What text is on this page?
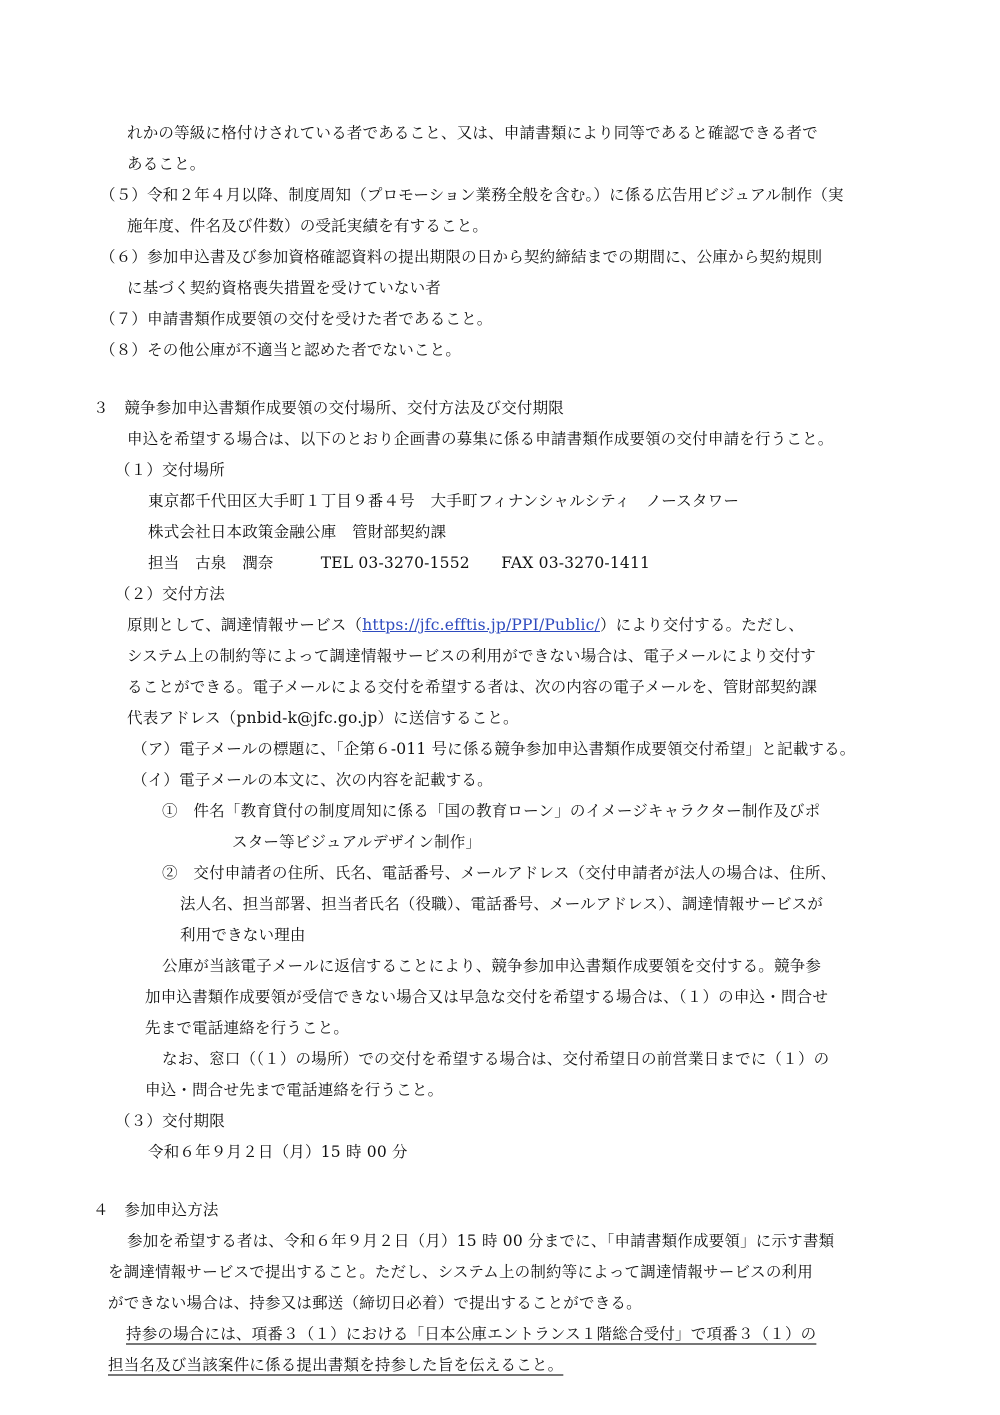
れかの等級に格付けされている者であること、又は、申請書類により同等であると確認できる者で
あること。
（５）令和２年４月以降、制度周知（プロモーション業務全般を含む。）に係る広告用ビジュアル制作（実
施年度、件名及び件数）の受託実績を有すること。
（６）参加申込書及び参加資格確認資料の提出期限の日から契約締結までの期間に、公庫から契約規則
に基づく契約資格喪失措置を受けていない者
（７）申請書類作成要領の交付を受けた者であること。
（８）その他公庫が不適当と認めた者でないこと。
３　競争参加申込書類作成要領の交付場所、交付方法及び交付期限
申込を希望する場合は、以下のとおり企画書の募集に係る申請書類作成要領の交付申請を行うこと。
（１）交付場所
東京都千代田区大手町１丁目９番４号　大手町フィナンシャルシティ　ノースタワー
株式会社日本政策金融公庫　管財部契約課
担当　古泉　潤奈　　　TEL 03-3270-1552　　FAX 03-3270-1411
（２）交付方法
原則として、調達情報サービス（https://jfc.efftis.jp/PPI/Public/）により交付する。ただし、
システム上の制約等によって調達情報サービスの利用ができない場合は、電子メールにより交付す
ることができる。電子メールによる交付を希望する者は、次の内容の電子メールを、管財部契約課
代表アドレス（pnbid-k@jfc.go.jp）に送信すること。
（ア）電子メールの標題に、「企第６-011 号に係る競争参加申込書類作成要領交付希望」と記載する。
（イ）電子メールの本文に、次の内容を記載する。
①　件名「教育貸付の制度周知に係る「国の教育ローン」のイメージキャラクター制作及びポ
スター等ビジュアルデザイン制作」
②　交付申請者の住所、氏名、電話番号、メールアドレス（交付申請者が法人の場合は、住所、
法人名、担当部署、担当者氏名（役職）、電話番号、メールアドレス）、調達情報サービスが
利用できない理由
公庫が当該電子メールに返信することにより、競争参加申込書類作成要領を交付する。競争参
加申込書類作成要領が受信できない場合又は早急な交付を希望する場合は、（１）の申込・問合せ
先まで電話連絡を行うこと。
なお、窓口（（１）の場所）での交付を希望する場合は、交付希望日の前営業日までに（１）の
申込・問合せ先まで電話連絡を行うこと。
（３）交付期限
令和６年９月２日（月）15 時 00 分
４　参加申込方法
参加を希望する者は、令和６年９月２日（月）15 時 00 分までに、「申請書類作成要領」に示す書類
を調達情報サービスで提出すること。ただし、システム上の制約等によって調達情報サービスの利用
ができない場合は、持参又は郵送（締切日必着）で提出することができる。
持参の場合には、項番３（１）における「日本公庫エントランス１階総合受付」で項番３（１）の
担当名及び当該案件に係る提出書類を持参した旨を伝えること。
